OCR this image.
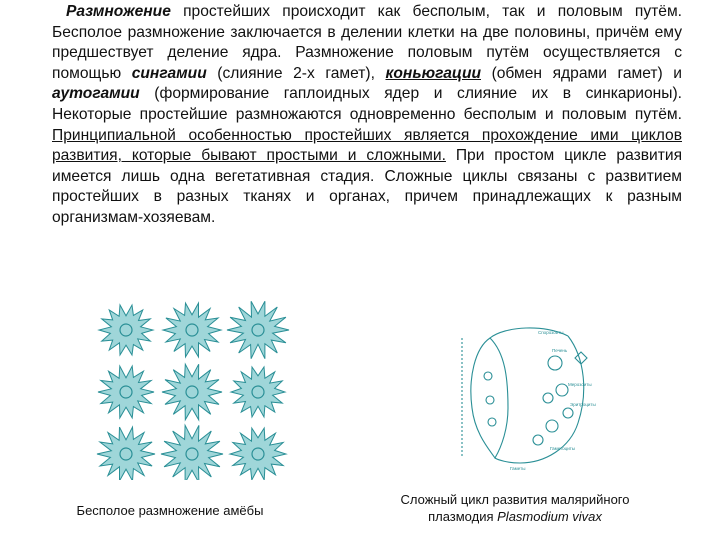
Размножение простейших происходит как бесполым, так и половым путём. Бесполое размножение заключается в делении клетки на две половины, причём ему предшествует деление ядра. Размножение половым путём осуществляется с помощью сингамии (слияние 2-х гамет), коньюгации (обмен ядрами гамет) и аутогамии (формирование гаплоидных ядер и слияние их в синкарионы). Некоторые простейшие размножаются одновременно бесполым и половым путём. Принципиальной особенностью простейших является прохождение ими циклов развития, которые бывают простыми и сложными. При простом цикле развития имеется лишь одна вегетативная стадия. Сложные циклы связаны с развитием простейших в разных тканях и органах, причем принадлежащих к разным организмам-хозяевам.

Спорозоиты
Печень
Мерозоиты
Эритроциты
Гаметоциты
Гаметы
Бесполое размножение амёбы
Сложный цикл развития малярийного
плазмодия Plasmodium vivax
